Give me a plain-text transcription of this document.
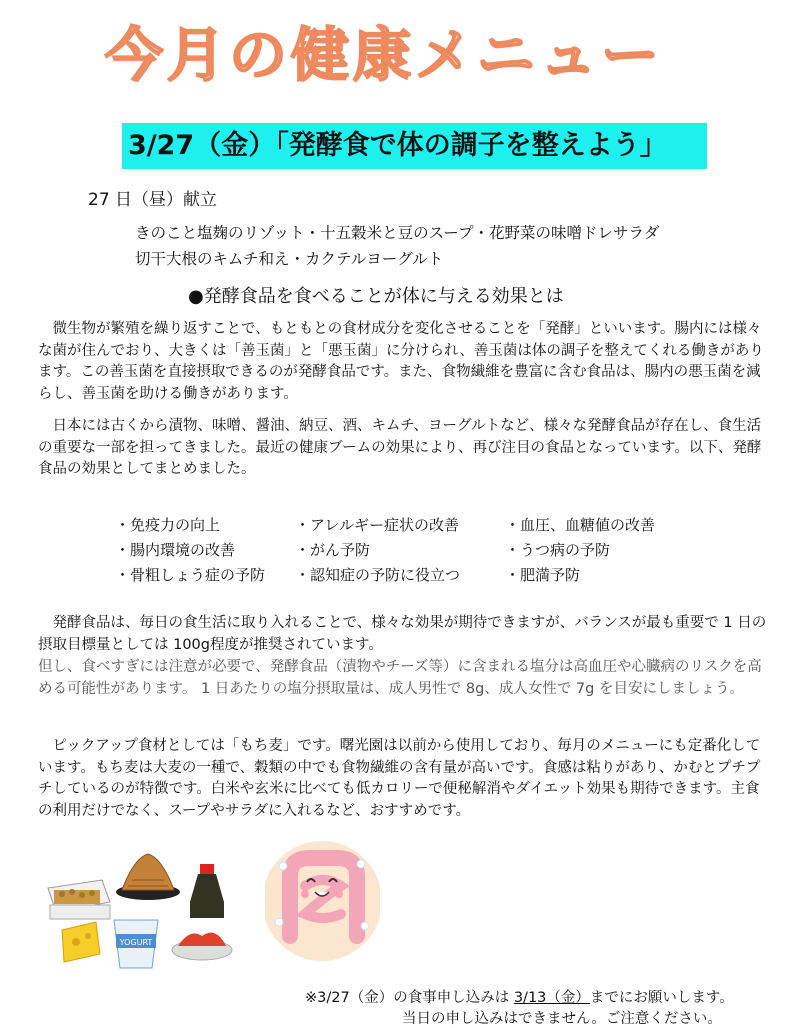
今月の健康メニュー
3/27（金）「発酵食で体の調子を整えよう」
27 日（昼）献立
きのこと塩麹のリゾット・十五穀米と豆のスープ・花野菜の味噌ドレサラダ
切干大根のキムチ和え・カクテルヨーグルト
●発酵食品を食べることが体に与える効果とは

　微生物が繁殖を繰り返すことで、もともとの食材成分を変化させることを「発酵」といいます。腸内には様々な菌が住んでおり、大きくは「善玉菌」と「悪玉菌」に分けられ、善玉菌は体の調子を整えてくれる働きがあります。この善玉菌を直接摂取できるのが発酵食品です。また、食物繊維を豊富に含む食品は、腸内の悪玉菌を減らし、善玉菌を助ける働きがあります。

　日本には古くから漬物、味噌、醤油、納豆、酒、キムチ、ヨーグルトなど、様々な発酵食品が存在し、食生活の重要な一部を担ってきました。最近の健康ブームの効果により、再び注目の食品となっています。以下、発酵食品の効果としてまとめました。

・免疫力の向上	・アレルギー症状の改善	・血圧、血糖値の改善
・腸内環境の改善	・がん予防	・うつ病の予防
・骨粗しょう症の予防	・認知症の予防に役立つ	・肥満予防

　発酵食品は、毎日の食生活に取り入れることで、様々な効果が期待できますが、バランスが最も重要で 1 日の摂取目標量としては 100g程度が推奨されています。

但し、食べすぎには注意が必要で、発酵食品（漬物やチーズ等）に含まれる塩分は高血圧や心臓病のリスクを高める可能性があります。 1 日あたりの塩分摂取量は、成人男性で 8g、成人女性で 7g を目安にしましょう。

　ピックアップ食材としては「もち麦」です。曙光園は以前から使用しており、毎月のメニューにも定番化しています。もち麦は大麦の一種で、穀類の中でも食物繊維の含有量が高いです。食感は粘りがあり、かむとプチプチしているのが特徴です。白米や玄米に比べても低カロリーで便秘解消やダイエット効果も期待できます。主食の利用だけでなく、スープやサラダに入れるなど、おすすめです。

YOGURT
※3/27（金）の食事申し込みは 3/13（金）までにお願いします。
当日の申し込みはできません。ご注意ください。
